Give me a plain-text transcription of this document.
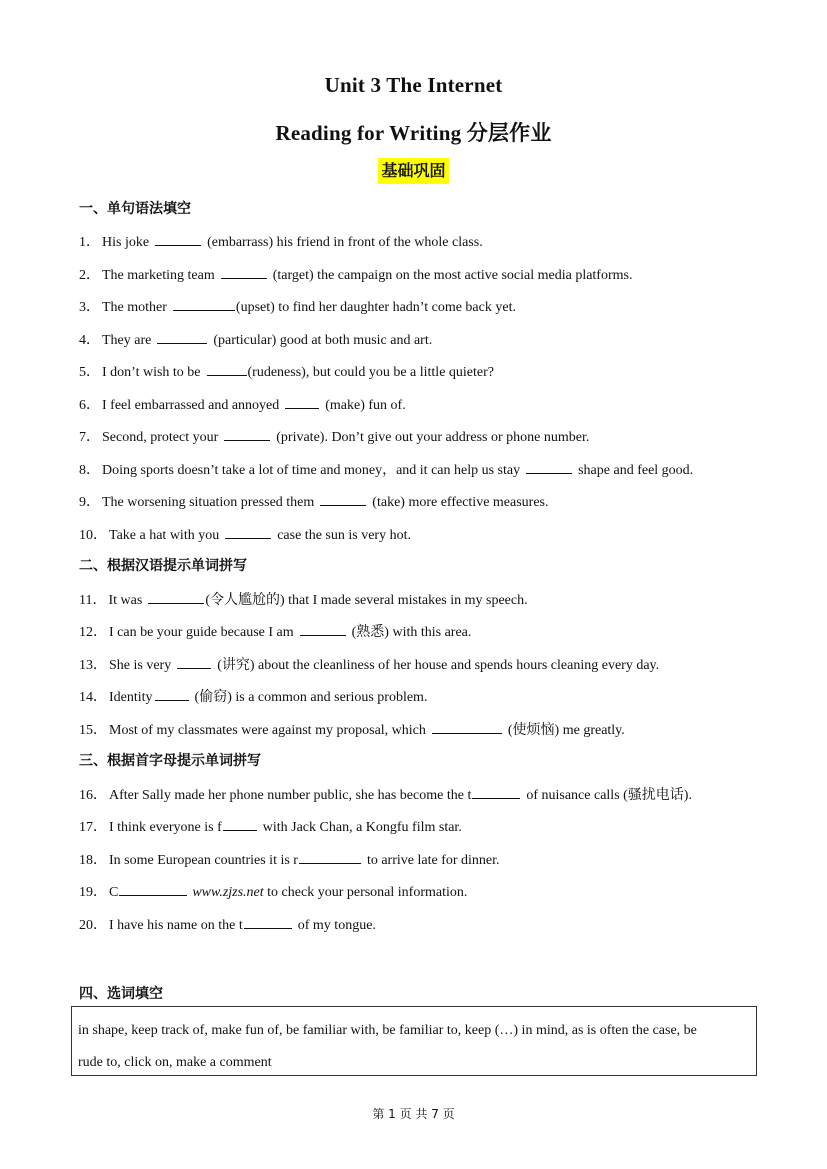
Unit 3 The Internet
Reading for Writing 分层作业
基础巩固
一、单句语法填空
1． His joke	(embarrass) his friend in front of the whole class.
2． The marketing team	(target) the campaign on the most active social media platforms.
3． The mother	(upset) to find her daughter hadn’t come back yet.
4． They are	(particular) good at both music and art.
5． I don’t wish to be	(rudeness), but could you be a little quieter?
6． I feel embarrassed and annoyed	(make) fun of.
7． Second, protect your	(private). Don’t give out your address or phone number.
8． Doing sports doesn’t take a lot of time and money，and it can help us stay	shape and feel good.
9． The worsening situation pressed them	(take) more effective measures.
10． Take a hat with you	case the sun is very hot.
二、根据汉语提示单词拼写
11． It was	(令人尴尬的) that I made several mistakes in my speech.
12． I can be your guide because I am	(熟悉) with this area.
13． She is very	(讲究) about the cleanliness of her house and spends hours cleaning every day.
14． Identity	(偷窃) is a common and serious problem.
15． Most of my classmates were against my proposal, which	(使烦恼) me greatly.
三、根据首字母提示单词拼写
16． After Sally made her phone number public, she has become the t	of nuisance calls (骚扰电话).
17． I think everyone is f	with Jack Chan, a Kongfu film star.
18． In some European countries it is r	to arrive late for dinner.
19． C	www.zjzs.net to check your personal information.
20． I have his name on the t	of my tongue.
四、选词填空
in shape, keep track of, make fun of, be familiar with, be familiar to, keep (…) in mind, as is often the case, be
rude to, click on, make a comment
第 1 页 共 7 页
